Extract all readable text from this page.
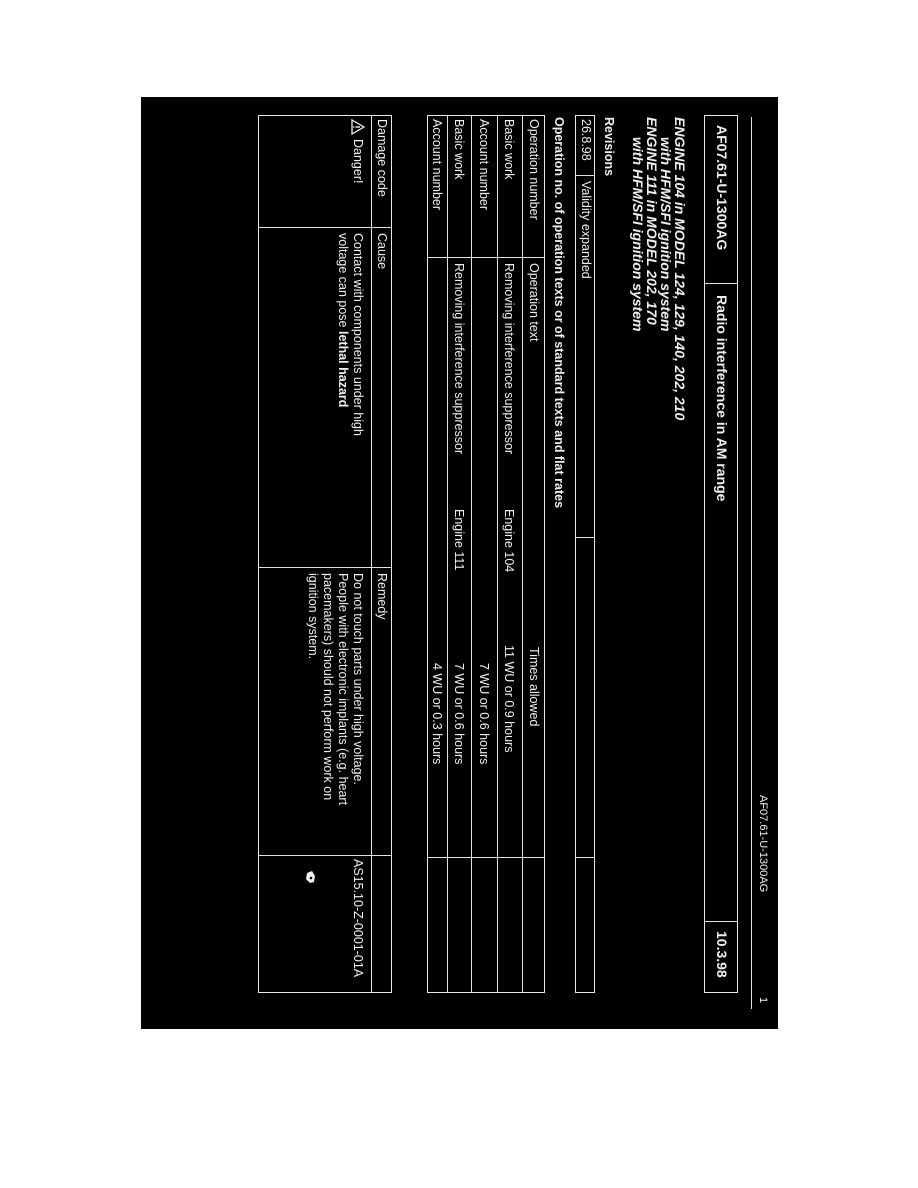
AF07.61-U-1300AG
1
AF07.61-U-1300AG
Radio interference in AM range
10.3.98
ENGINE 104 in MODEL 124, 129, 140, 202, 210
with HFM/SFI ignition system
ENGINE 111 in MODEL 202, 170
with HFM/SFI ignition system
Revisions
26.8.98
Validity expanded
Operation no. of operation texts or of standard texts and flat rates
Operation number
Operation text
Times allowed
Basic work
Removing interference suppressor
Engine 104
11 WU or 0.9 hours
Account number
7 WU or 0.6 hours
Basic work
Removing interference suppressor
Engine 111
7 WU or 0.6 hours
Account number
4 WU or 0.3 hours
Damage code
Cause
Remedy
Danger!
Contact with components under high
voltage can pose lethal hazard
Do not touch parts under high voltage.
People with electronic implants (e.g. heart
pacemakers) should not perform work on
ignition system.
AS15.10-Z-0001-01A
